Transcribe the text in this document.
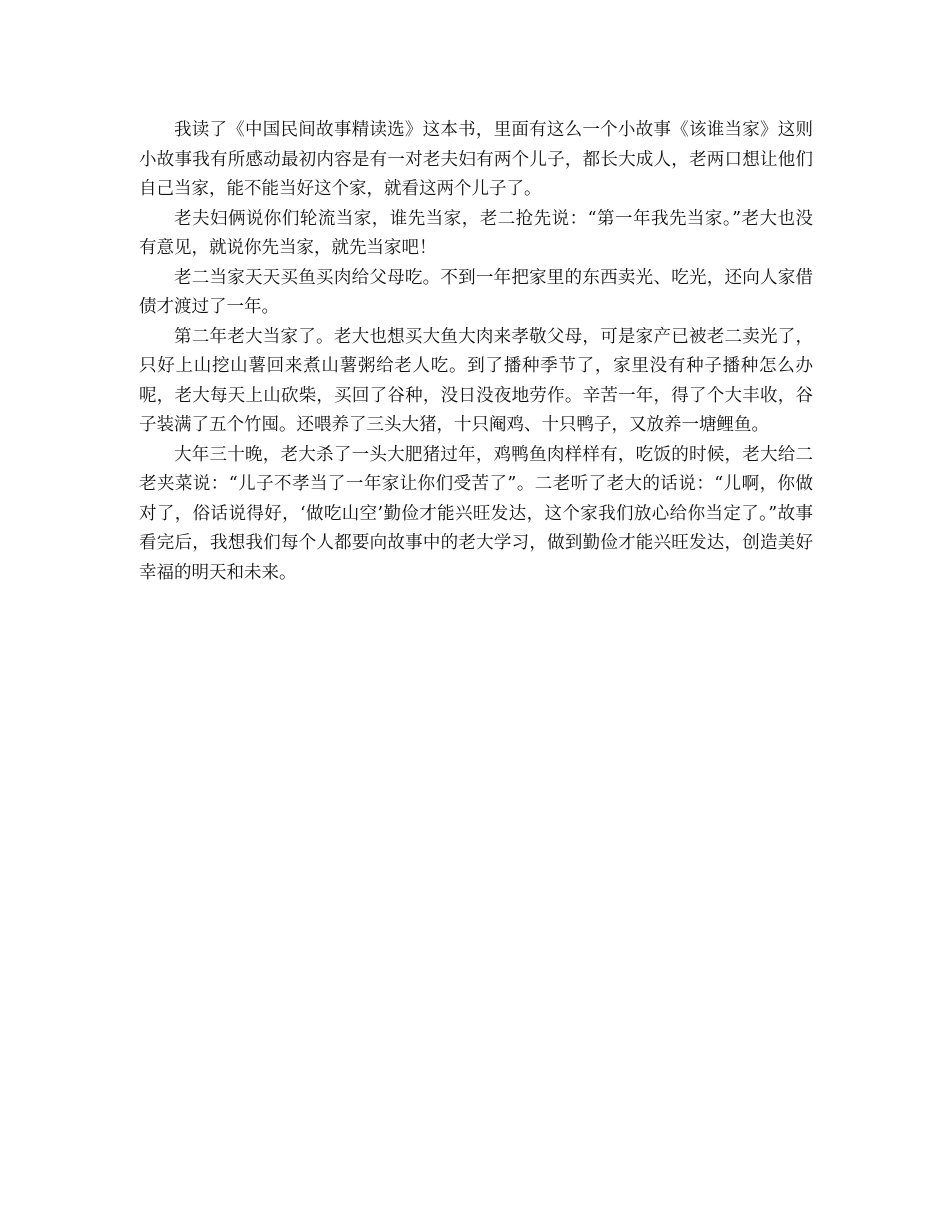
我读了《中国民间故事精读选》这本书，里面有这么一个小故事《该谁当家》这则小故事我有所感动最初内容是有一对老夫妇有两个儿子，都长大成人，老两口想让他们自己当家，能不能当好这个家，就看这两个儿子了。

老夫妇俩说你们轮流当家，谁先当家，老二抢先说：“第一年我先当家。”老大也没有意见，就说你先当家，就先当家吧！

老二当家天天买鱼买肉给父母吃。不到一年把家里的东西卖光、吃光，还向人家借债才渡过了一年。

第二年老大当家了。老大也想买大鱼大肉来孝敬父母，可是家产已被老二卖光了，只好上山挖山薯回来煮山薯粥给老人吃。到了播种季节了，家里没有种子播种怎么办呢，老大每天上山砍柴，买回了谷种，没日没夜地劳作。辛苦一年，得了个大丰收，谷子装满了五个竹囤。还喂养了三头大猪，十只阉鸡、十只鸭子，又放养一塘鲤鱼。

大年三十晚，老大杀了一头大肥猪过年，鸡鸭鱼肉样样有，吃饭的时候，老大给二老夹菜说：“儿子不孝当了一年家让你们受苦了”。二老听了老大的话说：“儿啊，你做对了，俗话说得好，‘做吃山空’勤俭才能兴旺发达，这个家我们放心给你当定了。”故事看完后，我想我们每个人都要向故事中的老大学习，做到勤俭才能兴旺发达，创造美好幸福的明天和未来。
